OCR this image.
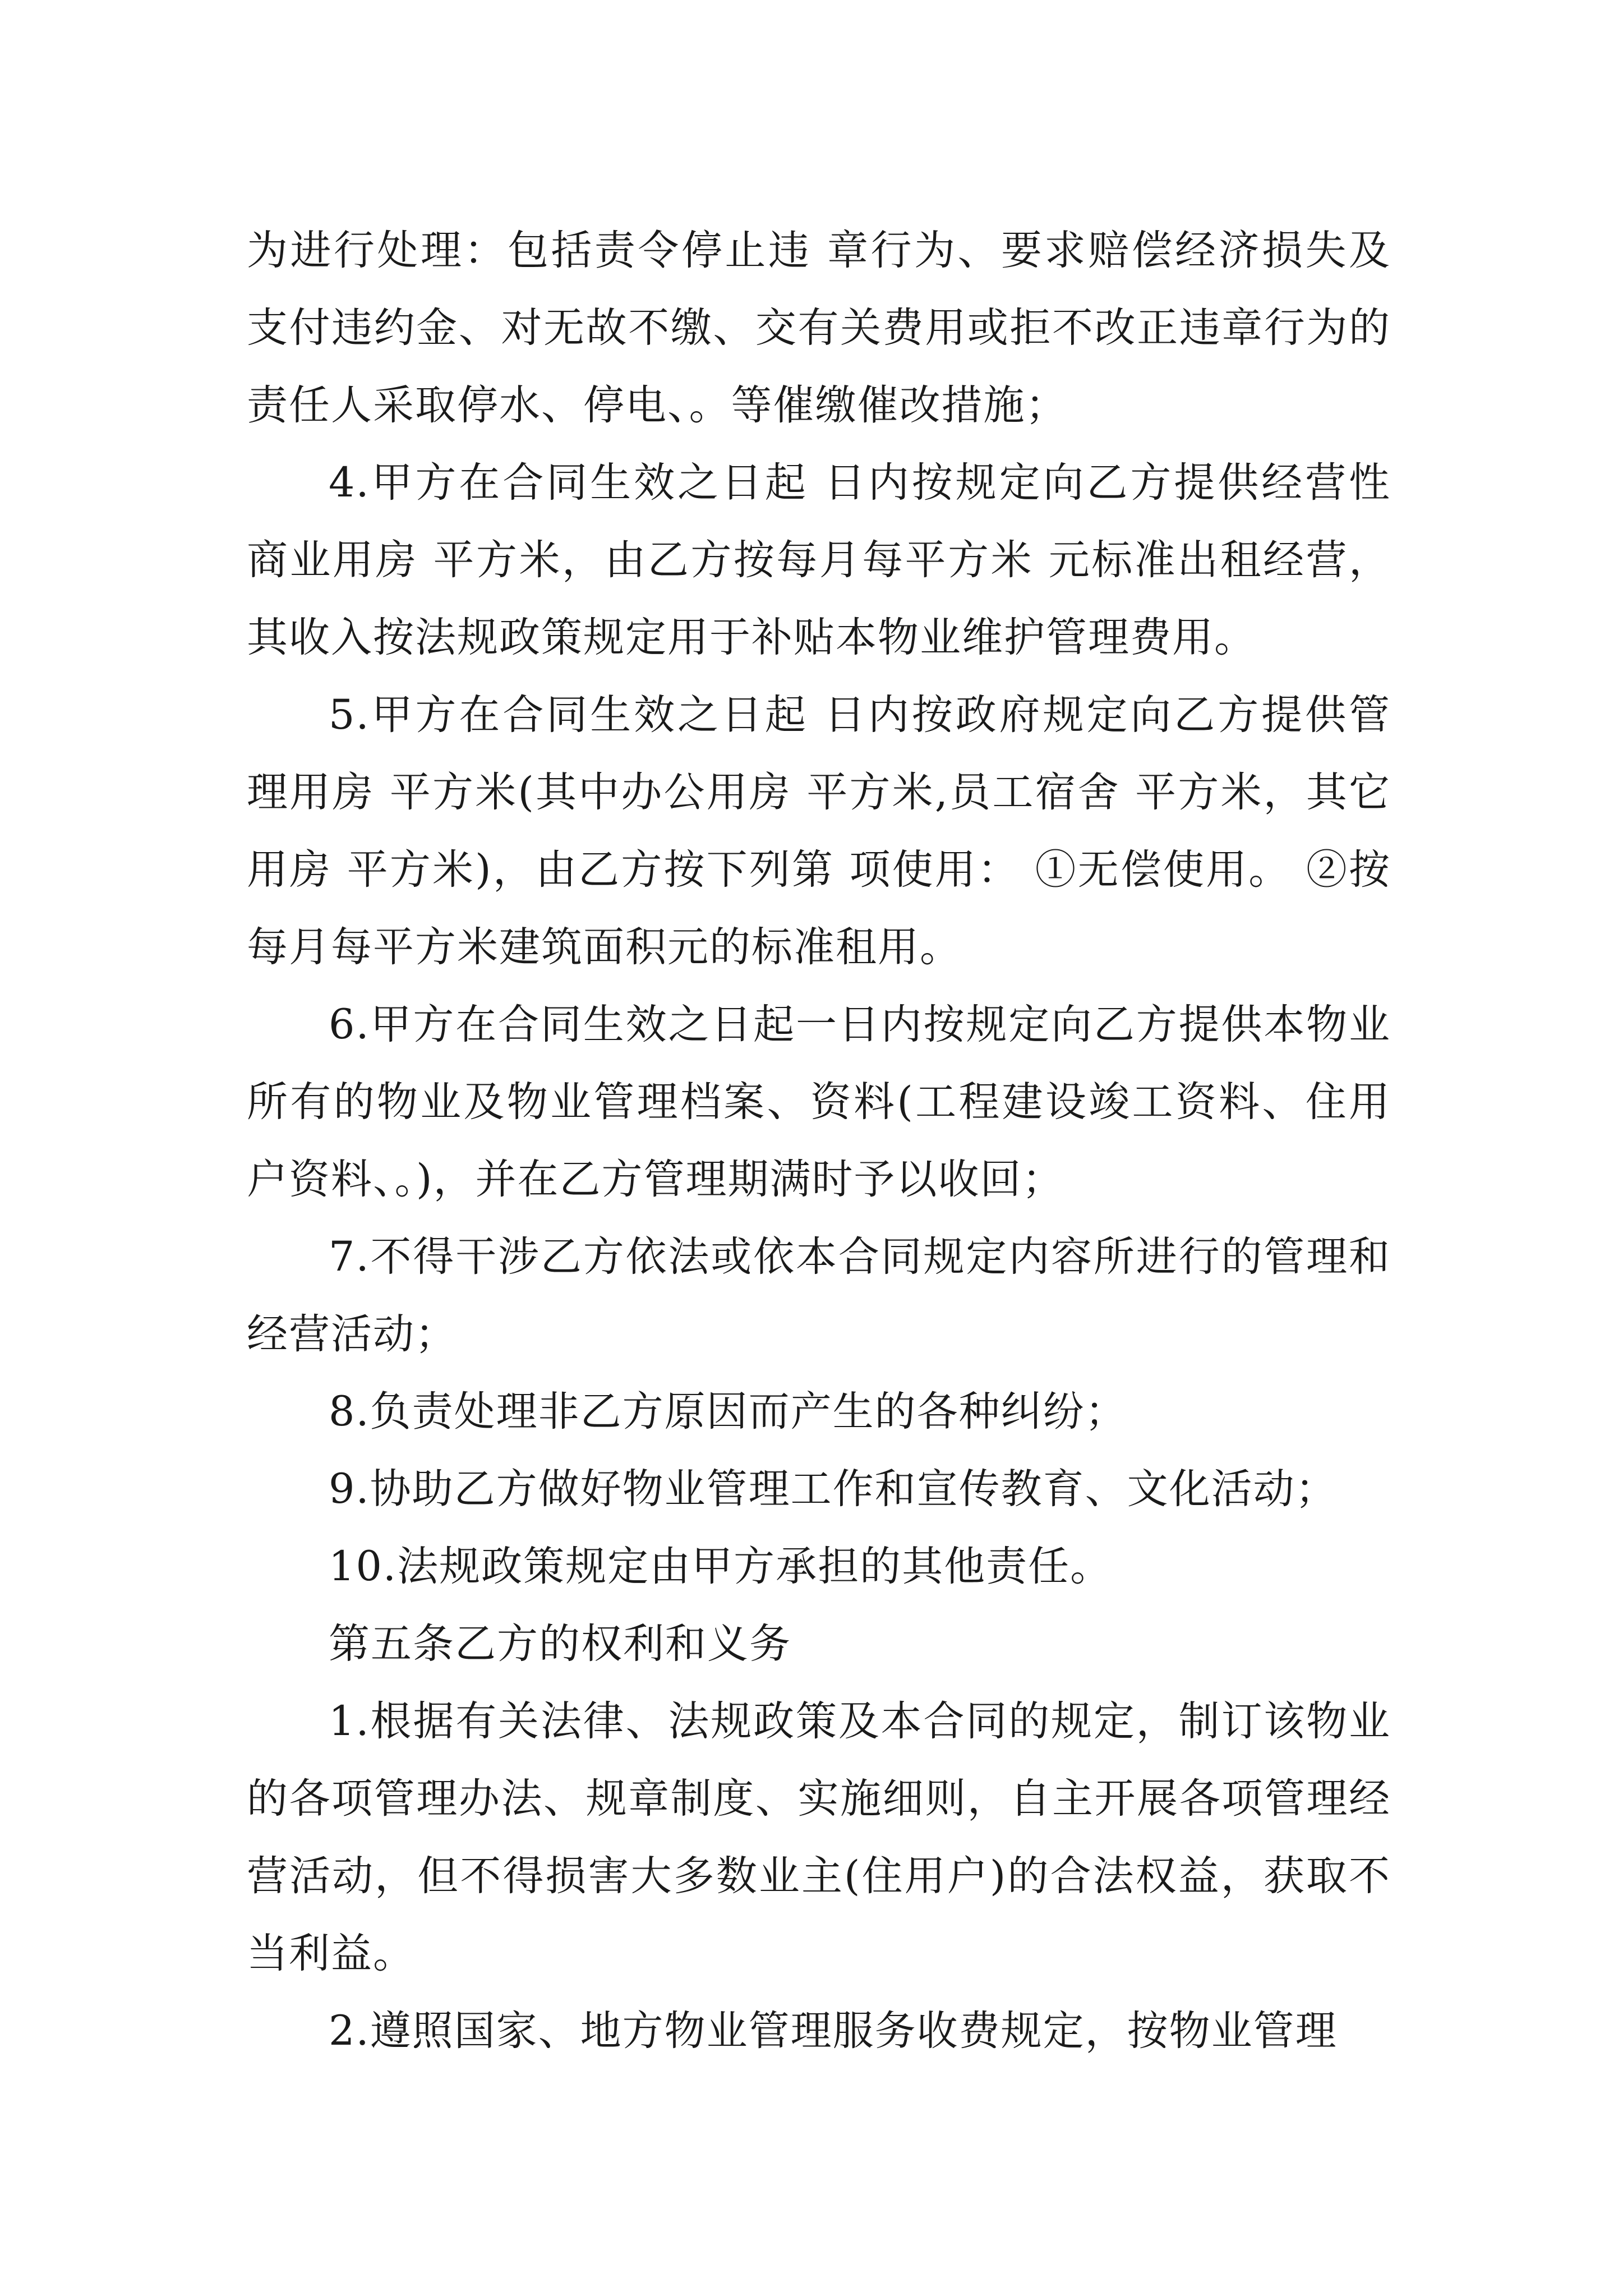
为进行处理：包括责令停止违 章行为、要求赔偿经济损失及支付违约金、对无故不缴、交有关费用或拒不改正违章行为的 责任人采取停水、停电、。等催缴催改措施；

4.甲方在合同生效之日起 日内按规定向乙方提供经营性商业用房 平方米，由乙方按每月每平方米 元标准出租经营，其收入按法规政策规定用于补贴本物业维护管理费用。

5.甲方在合同生效之日起 日内按政府规定向乙方提供管理用房 平方米(其中办公用房 平方米,员工宿舍 平方米，其它用房 平方米)，由乙方按下列第 项使用： ①无偿使用。 ②按每月每平方米建筑面积元的标准租用。

6.甲方在合同生效之日起一日内按规定向乙方提供本物业所有的物业及物业管理档案、资料(工程建设竣工资料、住用户资料、。)，并在乙方管理期满时予以收回；

7.不得干涉乙方依法或依本合同规定内容所进行的管理和经营活动；

8.负责处理非乙方原因而产生的各种纠纷；

9.协助乙方做好物业管理工作和宣传教育、文化活动；

10.法规政策规定由甲方承担的其他责任。

第五条乙方的权利和义务

1.根据有关法律、法规政策及本合同的规定，制订该物业的各项管理办法、规章制度、实施细则，自主开展各项管理经营活动，但不得损害大多数业主(住用户)的合法权益，获取不当利益。

2.遵照国家、地方物业管理服务收费规定，按物业管理
